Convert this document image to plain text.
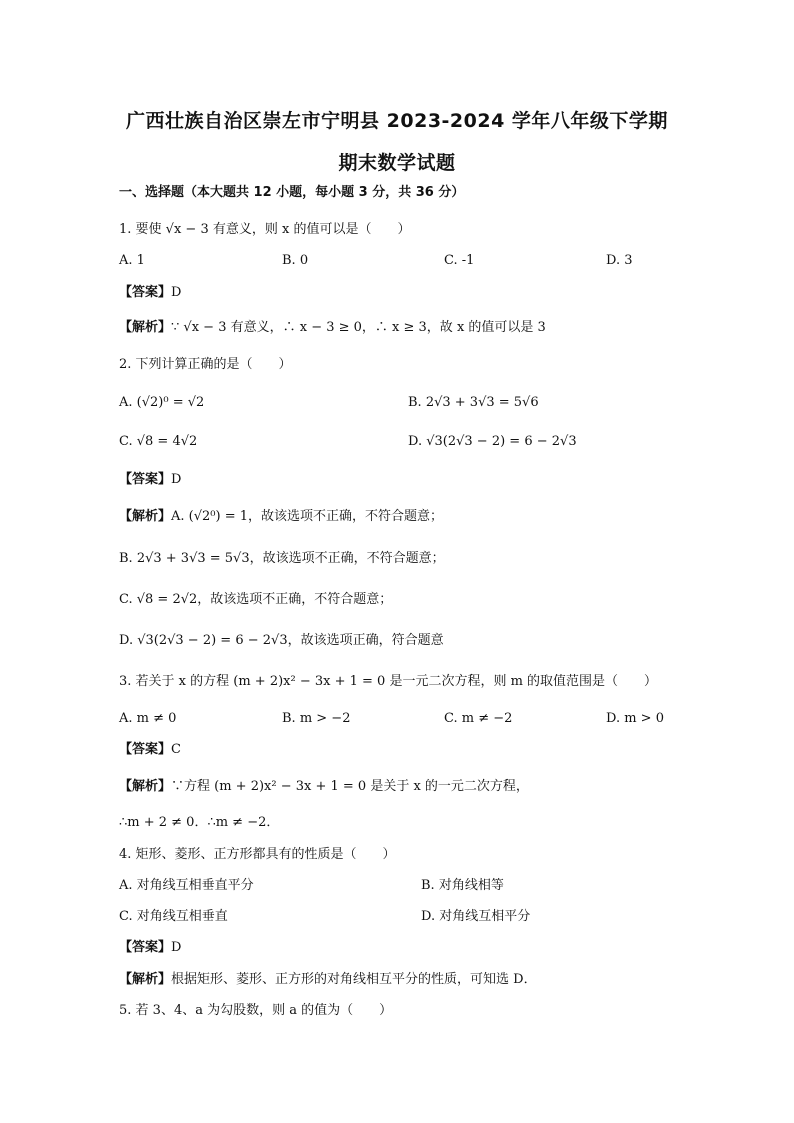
广西壮族自治区崇左市宁明县 2023-2024 学年八年级下学期
期末数学试题
一、选择题（本大题共 12 小题，每小题 3 分，共 36 分）
1. 要使 √x − 3 有意义，则 x 的值可以是（　　）
A. 1	B. 0	C. -1	D. 3
【答案】D
【解析】∵ √x − 3 有意义，∴ x − 3 ≥ 0，∴ x ≥ 3，故 x 的值可以是 3
2. 下列计算正确的是（　　）
A. (√2)⁰ = √2	B. 2√3 + 3√3 = 5√6
C. √8 = 4√2	D. √3(2√3 − 2) = 6 − 2√3
【答案】D
【解析】A. (√2⁰) = 1，故该选项不正确，不符合题意；
B. 2√3 + 3√3 = 5√3，故该选项不正确，不符合题意；
C. √8 = 2√2，故该选项不正确，不符合题意；
D. √3(2√3 − 2) = 6 − 2√3，故该选项正确，符合题意
3. 若关于 x 的方程 (m + 2)x² − 3x + 1 = 0 是一元二次方程，则 m 的取值范围是（　　）
A. m ≠ 0	B. m > −2	C. m ≠ −2	D. m > 0
【答案】C
【解析】∵方程 (m + 2)x² − 3x + 1 = 0 是关于 x 的一元二次方程，
∴m + 2 ≠ 0．∴m ≠ −2．
4. 矩形、菱形、正方形都具有的性质是（　　）
A. 对角线互相垂直平分	B. 对角线相等
C. 对角线互相垂直	D. 对角线互相平分
【答案】D
【解析】根据矩形、菱形、正方形的对角线相互平分的性质，可知选 D．
5. 若 3、4、a 为勾股数，则 a 的值为（　　）
